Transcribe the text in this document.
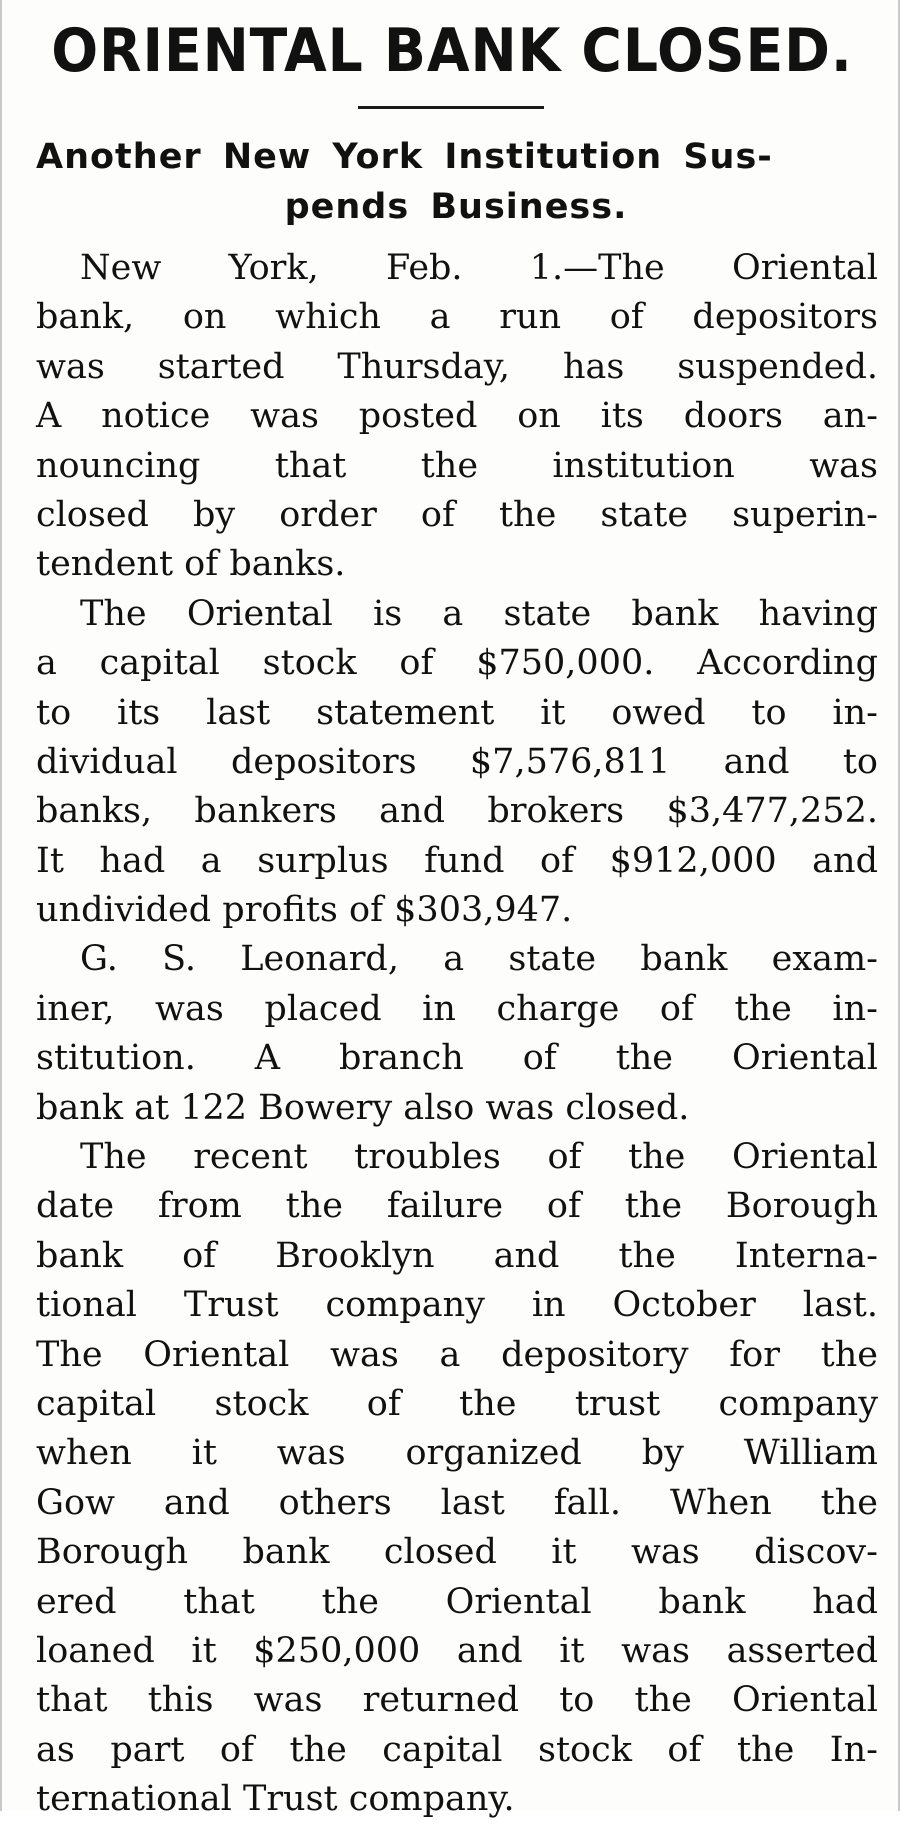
ORIENTAL BANK CLOSED.
Another New York Institution Sus-
pends Business.
New York, Feb. 1.—The Oriental
bank, on which a run of depositors
was started Thursday, has suspended.
A notice was posted on its doors an-
nouncing that the institution was
closed by order of the state superin-
tendent of banks.
The Oriental is a state bank having
a capital stock of $750,000. According
to its last statement it owed to in-
dividual depositors $7,576,811 and to
banks, bankers and brokers $3,477,252.
It had a surplus fund of $912,000 and
undivided profits of $303,947.
G. S. Leonard, a state bank exam-
iner, was placed in charge of the in-
stitution. A branch of the Oriental
bank at 122 Bowery also was closed.
The recent troubles of the Oriental
date from the failure of the Borough
bank of Brooklyn and the Interna-
tional Trust company in October last.
The Oriental was a depository for the
capital stock of the trust company
when it was organized by William
Gow and others last fall. When the
Borough bank closed it was discov-
ered that the Oriental bank had
loaned it $250,000 and it was asserted
that this was returned to the Oriental
as part of the capital stock of the In-
ternational Trust company.
